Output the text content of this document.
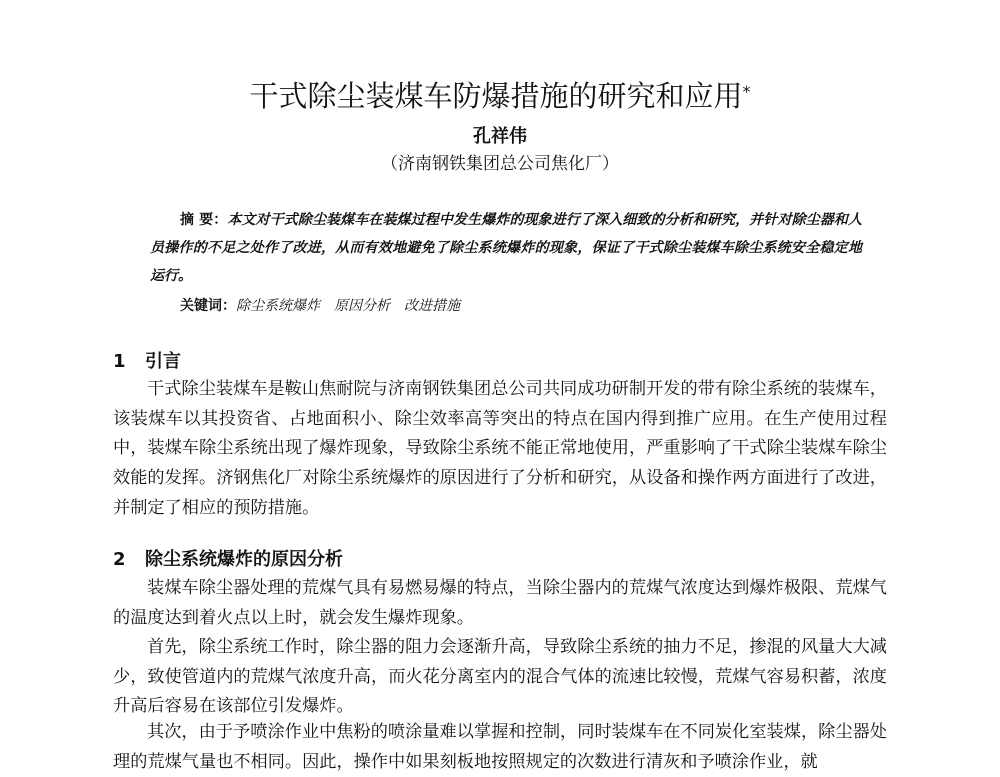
干式除尘装煤车防爆措施的研究和应用*
孔祥伟
（济南钢铁集团总公司焦化厂）
摘 要：本文对干式除尘装煤车在装煤过程中发生爆炸的现象进行了深入细致的分析和研究，并针对除尘器和人员操作的不足之处作了改进，从而有效地避免了除尘系统爆炸的现象，保证了干式除尘装煤车除尘系统安全稳定地运行。
关键词：除尘系统爆炸　原因分析　改进措施
1 引言
干式除尘装煤车是鞍山焦耐院与济南钢铁集团总公司共同成功研制开发的带有除尘系统的装煤车，该装煤车以其投资省、占地面积小、除尘效率高等突出的特点在国内得到推广应用。在生产使用过程中，装煤车除尘系统出现了爆炸现象，导致除尘系统不能正常地使用，严重影响了干式除尘装煤车除尘效能的发挥。济钢焦化厂对除尘系统爆炸的原因进行了分析和研究，从设备和操作两方面进行了改进，并制定了相应的预防措施。
2 除尘系统爆炸的原因分析
装煤车除尘器处理的荒煤气具有易燃易爆的特点，当除尘器内的荒煤气浓度达到爆炸极限、荒煤气的温度达到着火点以上时，就会发生爆炸现象。
首先，除尘系统工作时，除尘器的阻力会逐渐升高，导致除尘系统的抽力不足，掺混的风量大大减少，致使管道内的荒煤气浓度升高，而火花分离室内的混合气体的流速比较慢，荒煤气容易积蓄，浓度升高后容易在该部位引发爆炸。
其次，由于予喷涂作业中焦粉的喷涂量难以掌握和控制，同时装煤车在不同炭化室装煤，除尘器处理的荒煤气量也不相同。因此，操作中如果刻板地按照规定的次数进行清灰和予喷涂作业，就
